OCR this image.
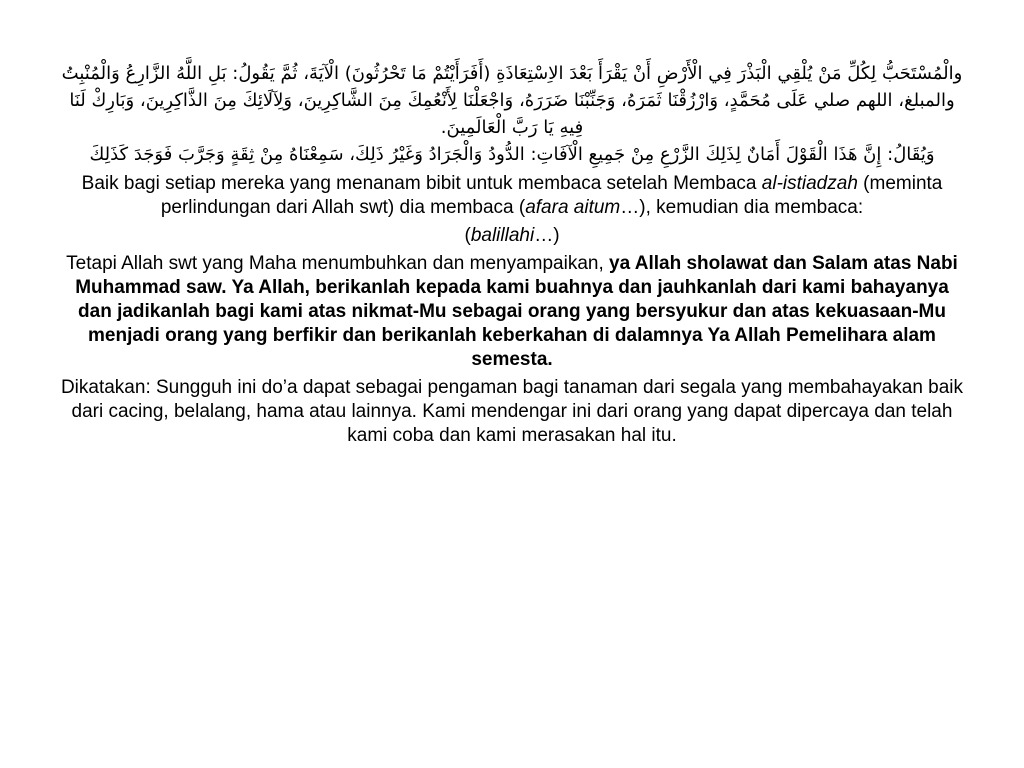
والْمُسْتَحَبُّ لِكُلِّ مَنْ يُلْقِي الْبَذْرَ فِي الْأَرْضِ أَنْ يَقْرَأَ بَعْدَ الاِسْتِعَاذَةِ (أَفَرَأَيْتُمْ مَا تَحْرُثُونَ) الْآيَةَ، ثُمَّ يَقُولُ: بَلِ اللَّهُ الزَّارِعُ وَالْمُنْبِتُ والمبلغ، اللهم صلي عَلَى مُحَمَّدٍ، وَارْزُقْنَا ثَمَرَهُ، وَجَنِّبْنَا ضَرَرَهُ، وَاجْعَلْنَا لِأَنْعُمِكَ مِنَ الشَّاكِرِينَ، وَلِآلَائِكَ مِنَ الذَّاكِرِينَ، وَبَارِكْ لَنَا فِيهِ يَا رَبَّ الْعَالَمِينَ.

وَيُقَالُ: إِنَّ هَذَا الْقَوْلَ أَمَانٌ لِذَلِكَ الزَّرْعِ مِنْ جَمِيعِ الْآفَاتِ: الدُّودُ وَالْجَرَادُ وَغَيْرُ ذَلِكَ، سَمِعْنَاهُ مِنْ ثِقَةٍ وَجَرَّبَ فَوَجَدَ كَذَلِكَ

Baik bagi setiap mereka yang menanam bibit untuk membaca setelah Membaca al-istiadzah (meminta perlindungan dari Allah swt) dia membaca (afara aitum…), kemudian dia membaca:

(balillahi…)

Tetapi Allah swt yang Maha menumbuhkan dan menyampaikan, ya Allah sholawat dan Salam atas Nabi Muhammad saw. Ya Allah, berikanlah kepada kami buahnya dan jauhkanlah dari kami bahayanya dan jadikanlah bagi kami atas nikmat-Mu sebagai orang yang bersyukur dan atas kekuasaan-Mu menjadi orang yang berfikir dan berikanlah keberkahan di dalamnya Ya Allah Pemelihara alam semesta.

Dikatakan: Sungguh ini do’a dapat sebagai pengaman bagi tanaman dari segala yang membahayakan baik dari cacing, belalang, hama atau lainnya. Kami mendengar ini dari orang yang dapat dipercaya dan telah kami coba dan kami merasakan hal itu.
